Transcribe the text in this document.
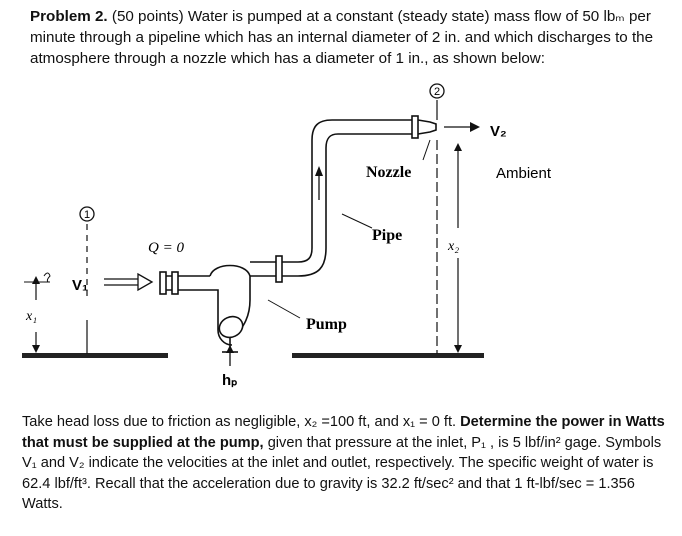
Problem 2. (50 points) Water is pumped at a constant (steady state) mass flow of 50 lbₘ per minute through a pipeline which has an internal diameter of 2 in. and which discharges to the atmosphere through a nozzle which has a diameter of 1 in., as shown below:
1
2
Q = 0
V₁
x₁
x₂
V₂
Nozzle	Ambient
Pipe
Pump
hₚ
Take head loss due to friction as negligible, x₂ =100 ft, and x₁ = 0 ft. Determine the power in Watts that must be supplied at the pump, given that pressure at the inlet, P₁ , is 5 lbf/in² gage. Symbols V₁ and V₂ indicate the velocities at the inlet and outlet, respectively. The specific weight of water is 62.4 lbf/ft³. Recall that the acceleration due to gravity is 32.2 ft/sec² and that 1 ft-lbf/sec = 1.356 Watts.
